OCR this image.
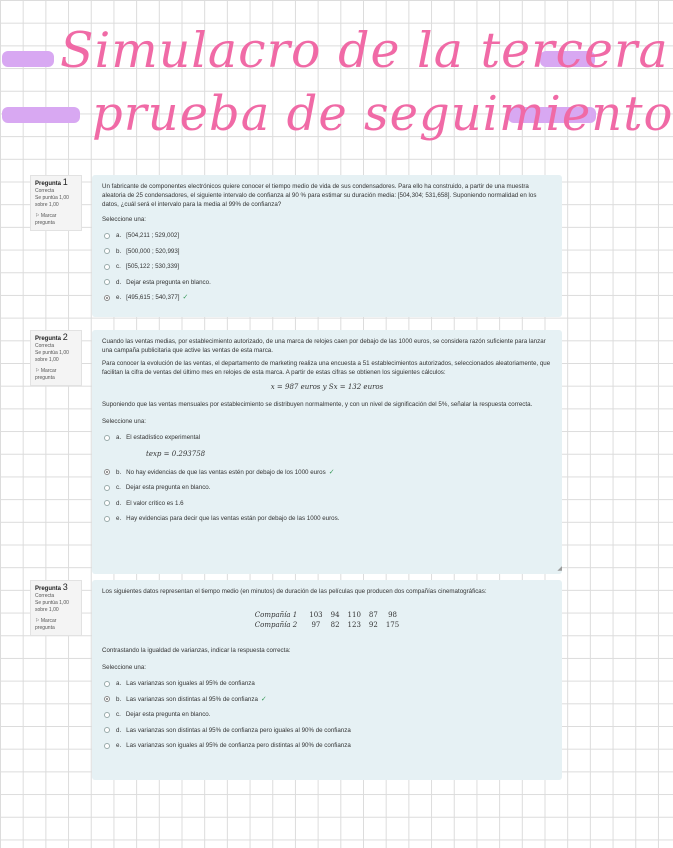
Simulacro de la tercera
prueba de seguimiento
Pregunta 1
Correcta
Se puntúa 1,00 sobre 1,00
⚐ Marcar pregunta

Un fabricante de componentes electrónicos quiere conocer el tiempo medio de vida de sus condensadores. Para ello ha construido, a partir de una muestra aleatoria de 25 condensadores, el siguiente intervalo de confianza al 90 % para estimar su duración media: [504,304; 531,658]. Suponiendo normalidad en los datos, ¿cuál será el intervalo para la media al 99% de confianza?

Seleccione una:

a. [504,211 ; 529,002]
b. [500,000 ; 520,993]
c. [505,122 ; 530,339]
d. Dejar esta pregunta en blanco.
e. [495,615 ; 540,377] ✓
Pregunta 2
Correcta
Se puntúa 1,00 sobre 1,00
⚐ Marcar pregunta

Cuando las ventas medias, por establecimiento autorizado, de una marca de relojes caen por debajo de las 1000 euros, se considera razón suficiente para lanzar una campaña publicitaria que active las ventas de esta marca.

Para conocer la evolución de las ventas, el departamento de marketing realiza una encuesta a 51 establecimientos autorizados, seleccionados aleatoriamente, que facilitan la cifra de ventas del último mes en relojes de esta marca. A partir de estas cifras se obtienen los siguientes cálculos:

x = 987 euros y Sx = 132 euros

Suponiendo que las ventas mensuales por establecimiento se distribuyen normalmente, y con un nivel de significación del 5%, señalar la respuesta correcta.

Seleccione una:

a. El estadístico experimental
texp = 0.293758
b. No hay evidencias de que las ventas estén por debajo de los 1000 euros ✓
c. Dejar esta pregunta en blanco.
d. El valor crítico es 1.6
e. Hay evidencias para decir que las ventas están por debajo de las 1000 euros.
◢
Pregunta 3
Correcta
Se puntúa 1,00 sobre 1,00
⚐ Marcar pregunta

Los siguientes datos representan el tiempo medio (en minutos) de duración de las películas que producen dos compañías cinematográficas:

Compañía 1	103	94	110	87	98
Compañía 2	97	82	123	92	175

Contrastando la igualdad de varianzas, indicar la respuesta correcta:

Seleccione una:

a. Las varianzas son iguales al 95% de confianza
b. Las varianzas son distintas al 95% de confianza ✓
c. Dejar esta pregunta en blanco.
d. Las varianzas son distintas al 95% de confianza pero iguales al 90% de confianza
e. Las varianzas son iguales al 95% de confianza pero distintas al 90% de confianza
